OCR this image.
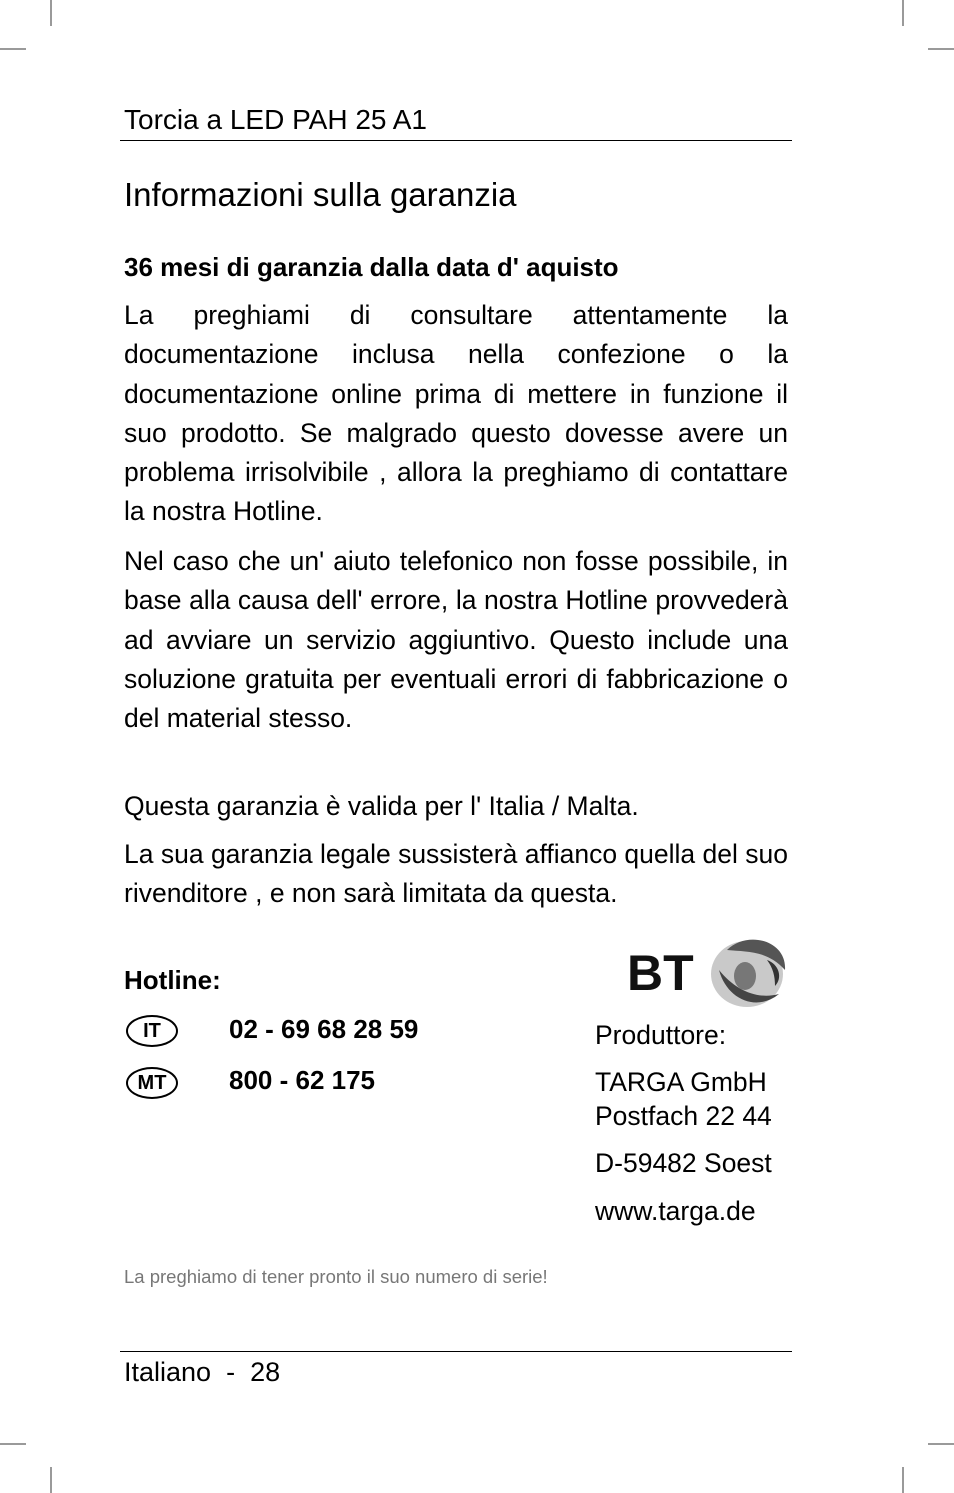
Torcia a LED PAH 25 A1
Informazioni sulla garanzia
36 mesi di garanzia dalla data d' aquisto

La preghiami di consultare attentamente la documentazione inclusa nella confezione o la documentazione online prima di mettere in funzione il suo prodotto. Se malgrado questo dovesse avere un problema irrisolvibile , allora la preghiamo di contattare la nostra Hotline.

Nel caso che un' aiuto telefonico non fosse possibile, in base alla causa dell' errore, la nostra Hotline provvederà ad avviare un servizio aggiuntivo. Questo include una soluzione gratuita per eventuali errori di fabbricazione o del material stesso.

Questa garanzia è valida per l' Italia / Malta.

La sua garanzia legale sussisterà affianco quella del suo rivenditore , e non sarà limitata da questa.

Hotline:
IT	02 - 69 68 28 59
MT	800 - 62 175
BT
Produttore:
TARGA GmbH
Postfach 22 44
D-59482 Soest
www.targa.de
La preghiamo di tener pronto il suo numero di serie!
Italiano - 28
